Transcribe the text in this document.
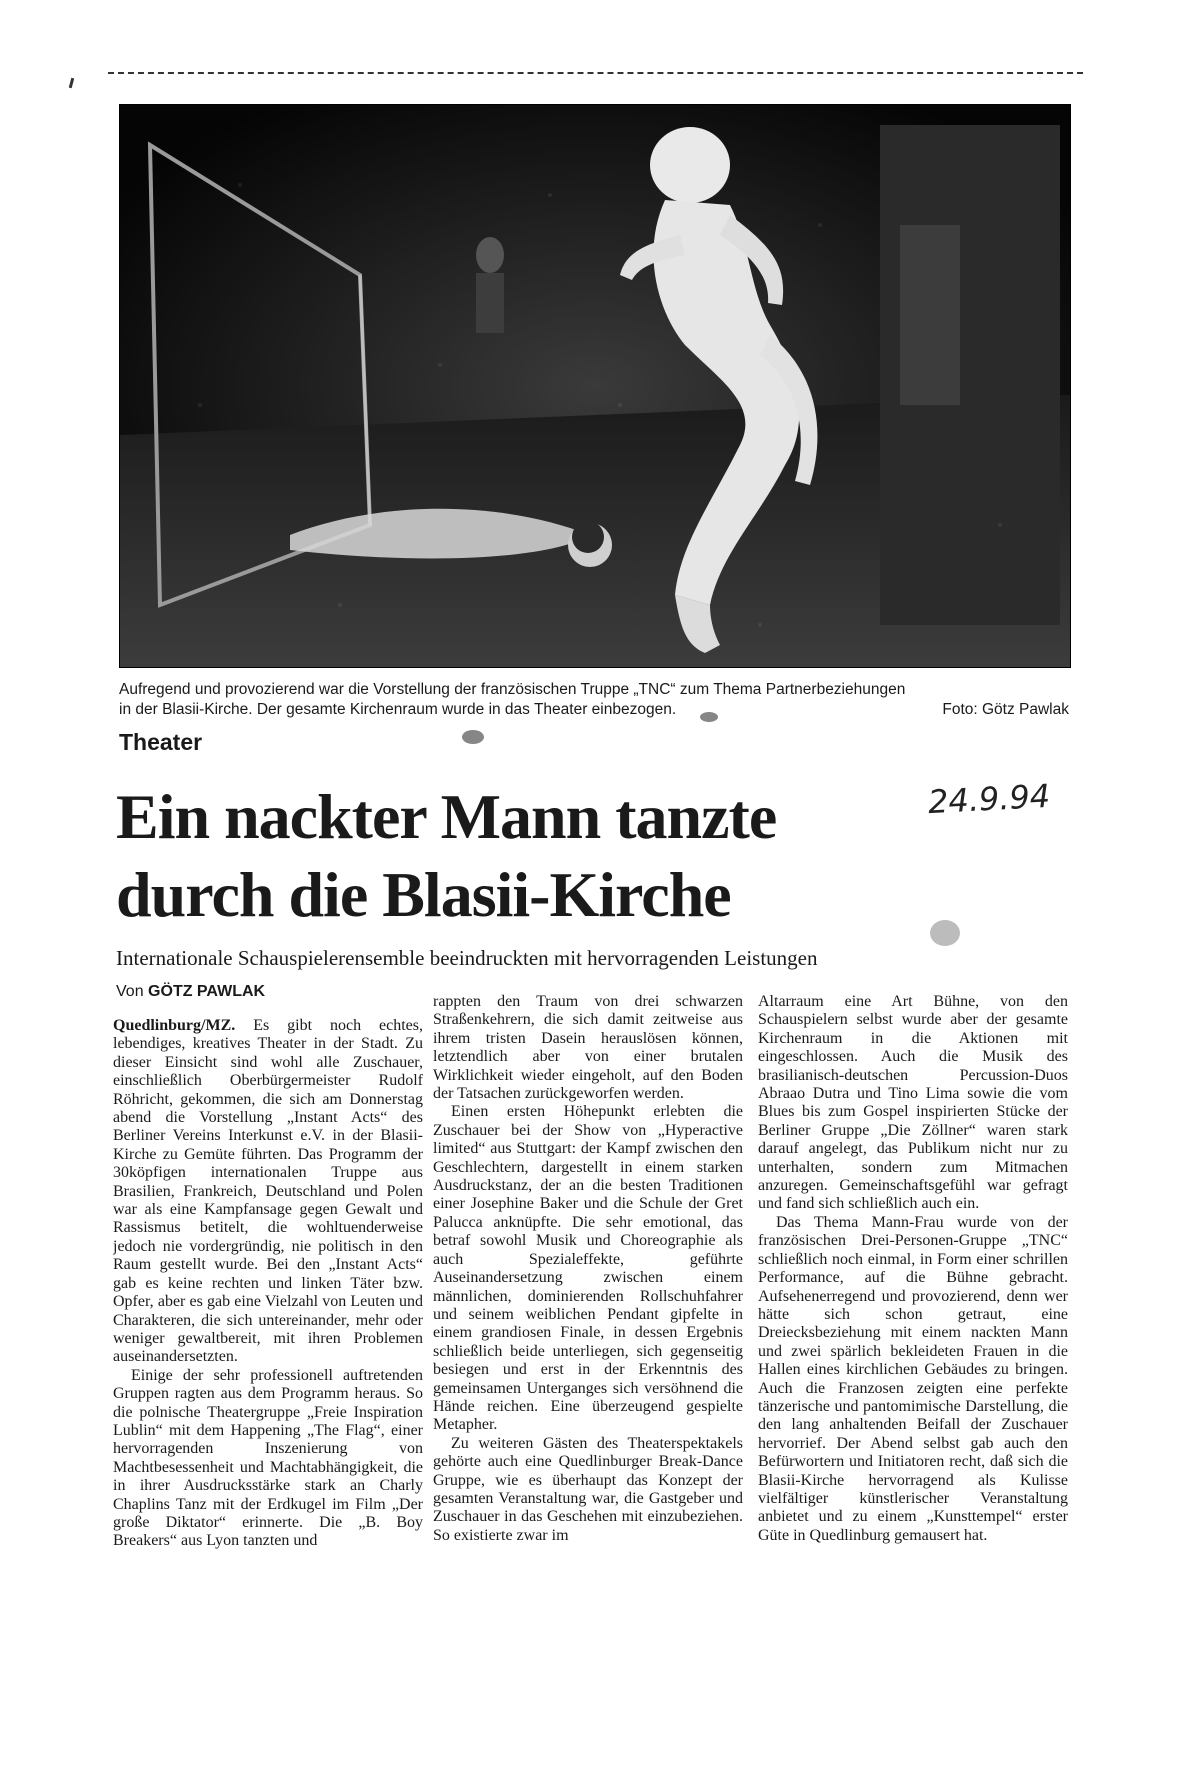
Aufregend und provozierend war die Vorstellung der französischen Truppe „TNC“ zum Thema Partnerbeziehungen
in der Blasii-Kirche. Der gesamte Kirchenraum wurde in das Theater einbezogen.	Foto: Götz Pawlak
Theater
Ein nackter Mann tanzte
durch die Blasii-Kirche
24.9.94
Internationale Schauspielerensemble beeindruckten mit hervorragenden Leistungen
Von GÖTZ PAWLAK

Quedlinburg/MZ. Es gibt noch echtes, lebendiges, kreatives Theater in der Stadt. Zu dieser Einsicht sind wohl alle Zuschauer, einschließlich Oberbürgermeister Rudolf Röhricht, gekommen, die sich am Donnerstag abend die Vorstellung „Instant Acts“ des Berliner Vereins Interkunst e.V. in der Blasii-Kirche zu Gemüte führten. Das Programm der 30köpfigen internationalen Truppe aus Brasilien, Frankreich, Deutschland und Polen war als eine Kampfansage gegen Gewalt und Rassismus betitelt, die wohltuenderweise jedoch nie vordergründig, nie politisch in den Raum gestellt wurde. Bei den „Instant Acts“ gab es keine rechten und linken Täter bzw. Opfer, aber es gab eine Vielzahl von Leuten und Charakteren, die sich untereinander, mehr oder weniger gewaltbereit, mit ihren Problemen auseinandersetzten.

Einige der sehr professionell auftretenden Gruppen ragten aus dem Programm heraus. So die polnische Theatergruppe „Freie Inspiration Lublin“ mit dem Happening „The Flag“, einer hervorragenden Inszenierung von Machtbesessenheit und Machtabhängigkeit, die in ihrer Ausdrucksstärke stark an Charly Chaplins Tanz mit der Erdkugel im Film „Der große Diktator“ erinnerte. Die „B. Boy Breakers“ aus Lyon tanzten und

rappten den Traum von drei schwarzen Straßenkehrern, die sich damit zeitweise aus ihrem tristen Dasein herauslösen können, letztendlich aber von einer brutalen Wirklichkeit wieder eingeholt, auf den Boden der Tatsachen zurückgeworfen werden.

Einen ersten Höhepunkt erlebten die Zuschauer bei der Show von „Hyperactive limited“ aus Stuttgart: der Kampf zwischen den Geschlechtern, dargestellt in einem starken Ausdruckstanz, der an die besten Traditionen einer Josephine Baker und die Schule der Gret Palucca anknüpfte. Die sehr emotional, das betraf sowohl Musik und Choreographie als auch Spezialeffekte, geführte Auseinandersetzung zwischen einem männlichen, dominierenden Rollschuhfahrer und seinem weiblichen Pendant gipfelte in einem grandiosen Finale, in dessen Ergebnis schließlich beide unterliegen, sich gegenseitig besiegen und erst in der Erkenntnis des gemeinsamen Unterganges sich versöhnend die Hände reichen. Eine überzeugend gespielte Metapher.

Zu weiteren Gästen des Theaterspektakels gehörte auch eine Quedlinburger Break-Dance Gruppe, wie es überhaupt das Konzept der gesamten Veranstaltung war, die Gastgeber und Zuschauer in das Geschehen mit einzubeziehen. So existierte zwar im

Altarraum eine Art Bühne, von den Schauspielern selbst wurde aber der gesamte Kirchenraum in die Aktionen mit eingeschlossen. Auch die Musik des brasilianisch-deutschen Percussion-Duos Abraao Dutra und Tino Lima sowie die vom Blues bis zum Gospel inspirierten Stücke der Berliner Gruppe „Die Zöllner“ waren stark darauf angelegt, das Publikum nicht nur zu unterhalten, sondern zum Mitmachen anzuregen. Gemeinschaftsgefühl war gefragt und fand sich schließlich auch ein.

Das Thema Mann-Frau wurde von der französischen Drei-Personen-Gruppe „TNC“ schließlich noch einmal, in Form einer schrillen Performance, auf die Bühne gebracht. Aufsehenerregend und provozierend, denn wer hätte sich schon getraut, eine Dreiecksbeziehung mit einem nackten Mann und zwei spärlich bekleideten Frauen in die Hallen eines kirchlichen Gebäudes zu bringen. Auch die Franzosen zeigten eine perfekte tänzerische und pantomimische Darstellung, die den lang anhaltenden Beifall der Zuschauer hervorrief. Der Abend selbst gab auch den Befürwortern und Initiatoren recht, daß sich die Blasii-Kirche hervorragend als Kulisse vielfältiger künstlerischer Veranstaltung anbietet und zu einem „Kunsttempel“ erster Güte in Quedlinburg gemausert hat.
